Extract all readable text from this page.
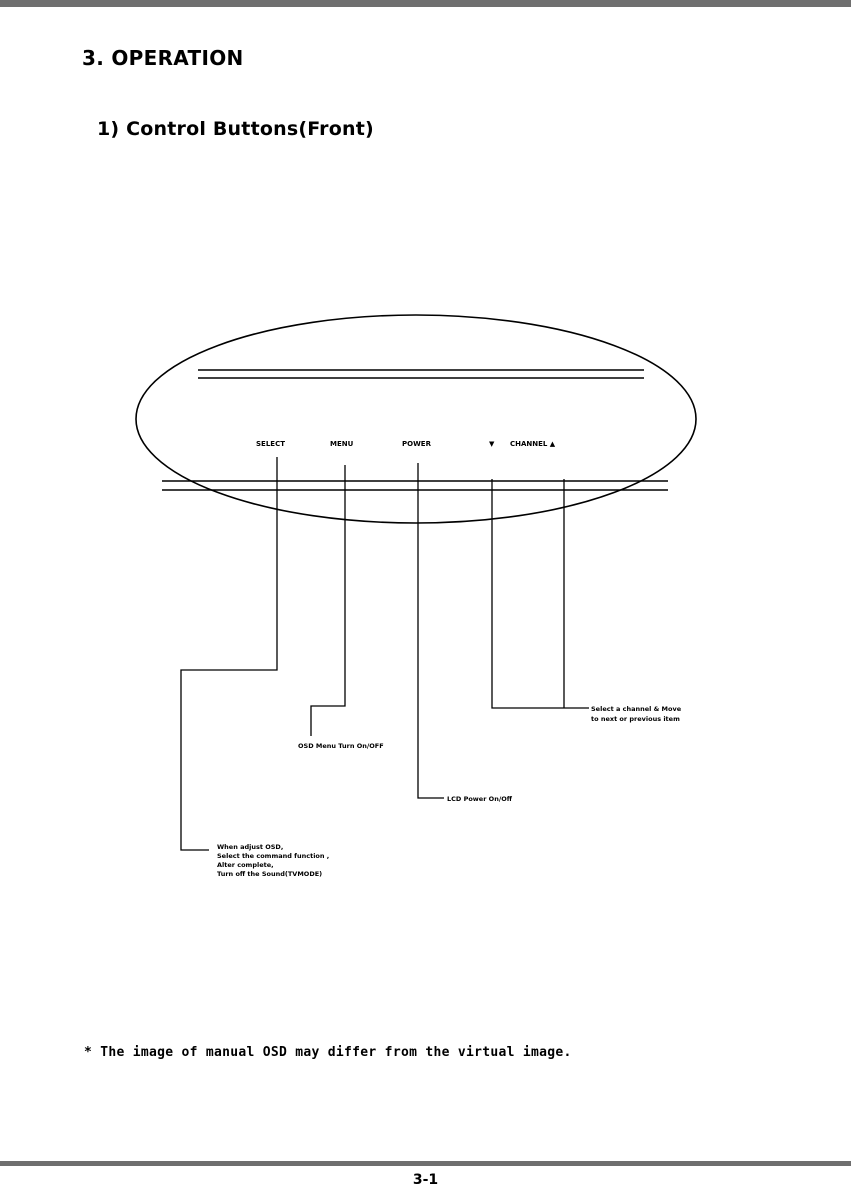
3. OPERATION
1) Control Buttons(Front)
SELECT	MENU	POWER	▼ CHANNEL ▲
Select a channel & Move
to next or previous item
OSD Menu Turn On/OFF
LCD Power On/Off
When adjust OSD,
Select the command function ,
Alter complete,
Turn off the Sound(TVMODE)

* The image of manual OSD may differ from the virtual image.

3-1
